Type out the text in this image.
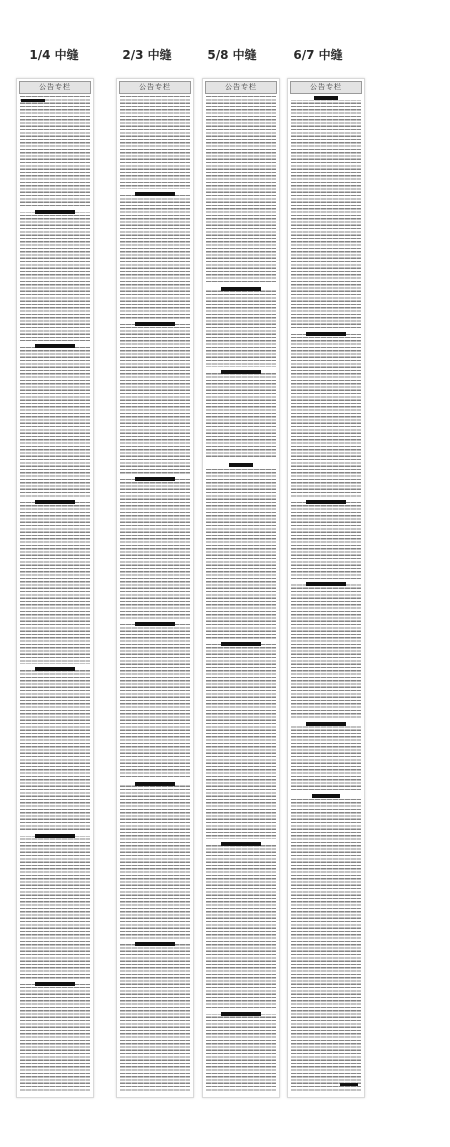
1/4 中缝	2/3 中缝	5/8 中缝	6/7 中缝
公告专栏	公告专栏	公告专栏	公告专栏
